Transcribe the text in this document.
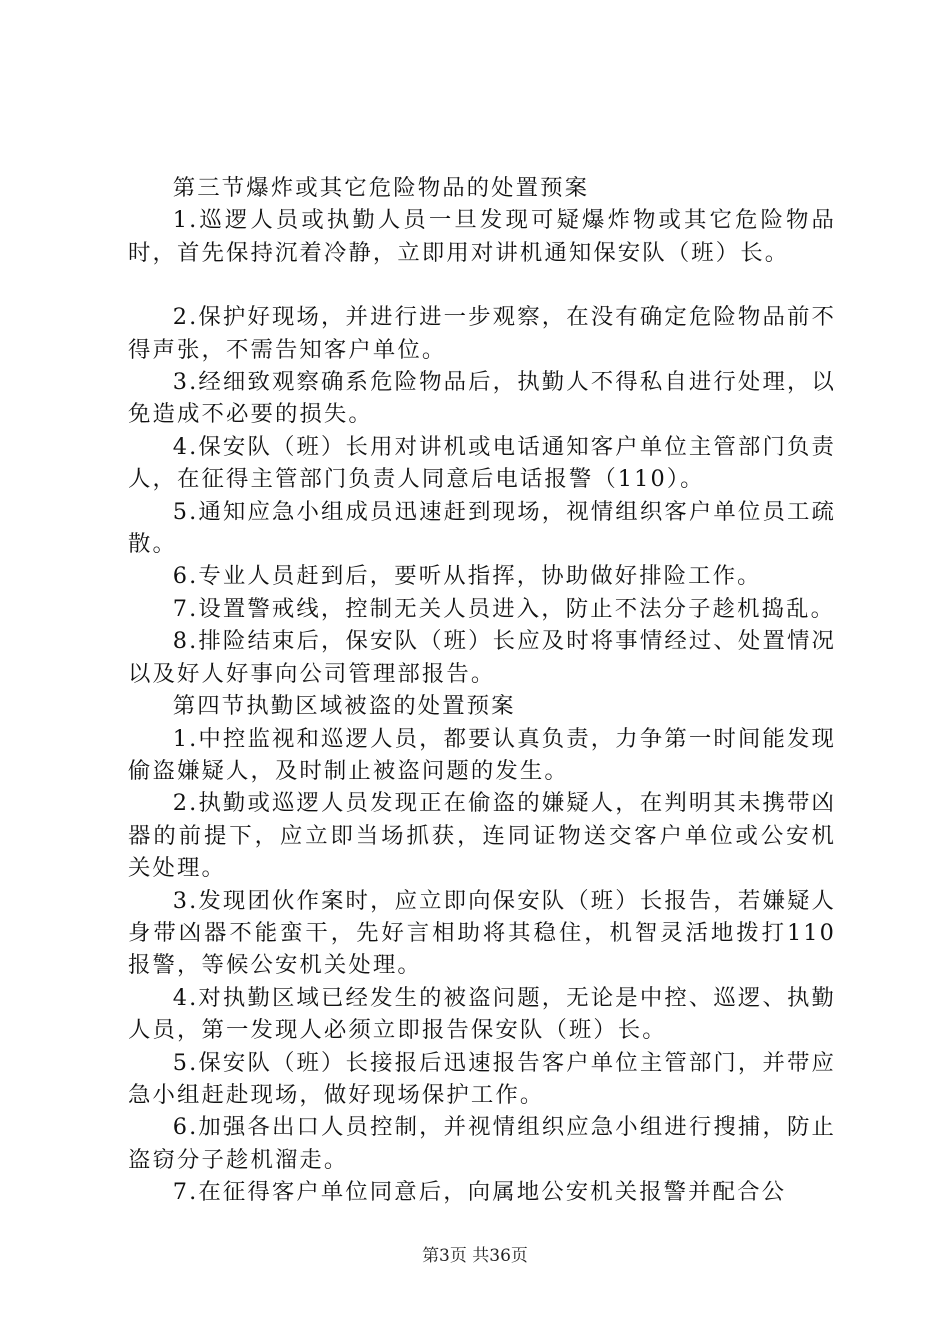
第三节爆炸或其它危险物品的处置预案

1.巡逻人员或执勤人员一旦发现可疑爆炸物或其它危险物品时，首先保持沉着冷静，立即用对讲机通知保安队（班）长。

2.保护好现场，并进行进一步观察，在没有确定危险物品前不得声张，不需告知客户单位。

3.经细致观察确系危险物品后，执勤人不得私自进行处理，以免造成不必要的损失。

4.保安队（班）长用对讲机或电话通知客户单位主管部门负责人，在征得主管部门负责人同意后电话报警（110）。

5.通知应急小组成员迅速赶到现场，视情组织客户单位员工疏散。

6.专业人员赶到后，要听从指挥，协助做好排险工作。

7.设置警戒线，控制无关人员进入，防止不法分子趁机捣乱。

8.排险结束后，保安队（班）长应及时将事情经过、处置情况以及好人好事向公司管理部报告。

第四节执勤区域被盗的处置预案

1.中控监视和巡逻人员，都要认真负责，力争第一时间能发现偷盗嫌疑人，及时制止被盗问题的发生。

2.执勤或巡逻人员发现正在偷盗的嫌疑人，在判明其未携带凶器的前提下，应立即当场抓获，连同证物送交客户单位或公安机关处理。

3.发现团伙作案时，应立即向保安队（班）长报告，若嫌疑人身带凶器不能蛮干，先好言相助将其稳住，机智灵活地拨打110报警，等候公安机关处理。

4.对执勤区域已经发生的被盗问题，无论是中控、巡逻、执勤人员，第一发现人必须立即报告保安队（班）长。

5.保安队（班）长接报后迅速报告客户单位主管部门，并带应急小组赶赴现场，做好现场保护工作。

6.加强各出口人员控制，并视情组织应急小组进行搜捕，防止盗窃分子趁机溜走。

7.在征得客户单位同意后，向属地公安机关报警并配合公

第3页 共36页
